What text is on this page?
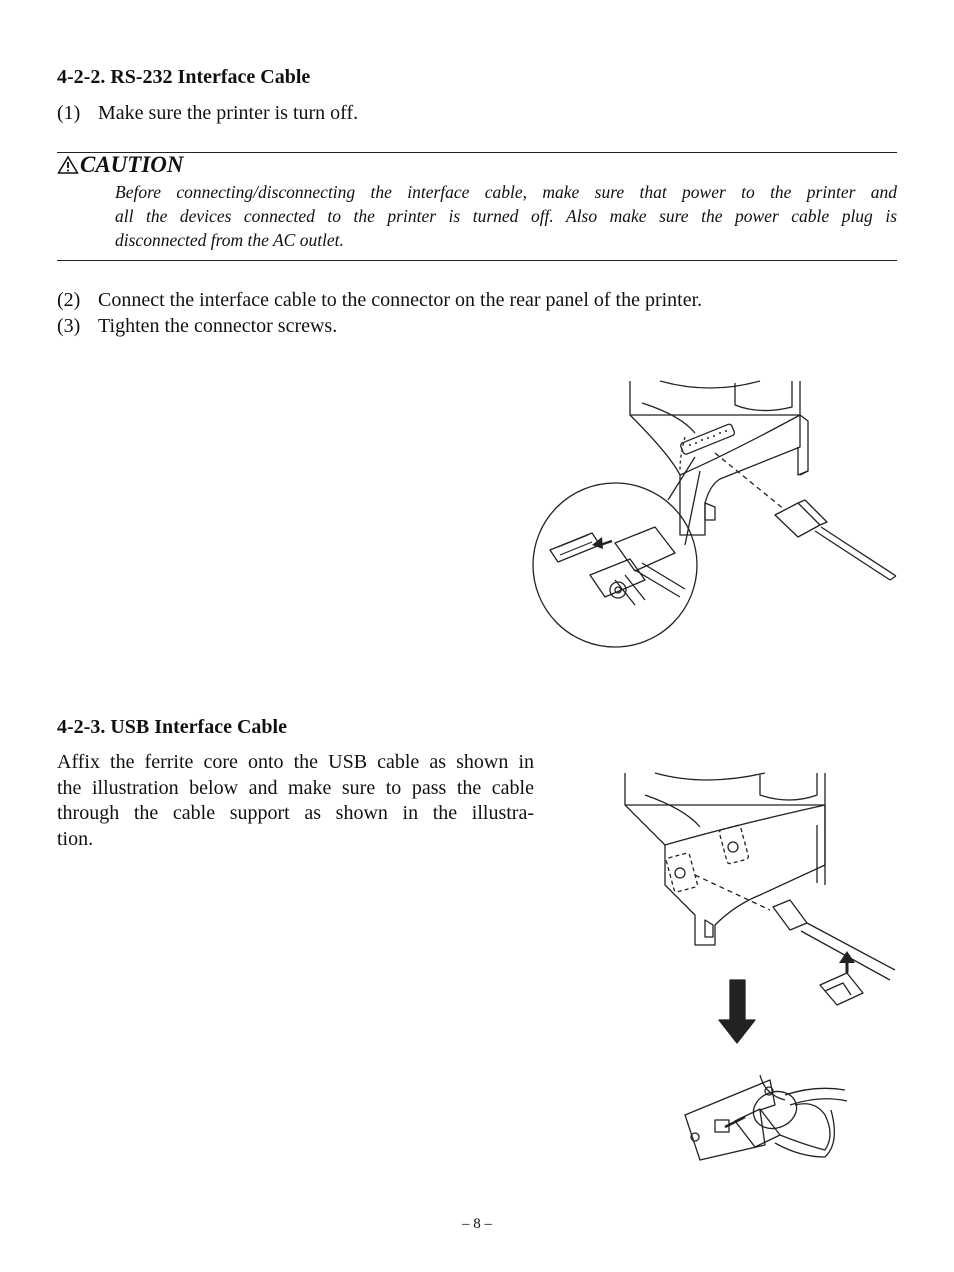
4-2-2. RS-232 Interface Cable
(1) Make sure the printer is turn off.
CAUTION
Before connecting/disconnecting the interface cable, make sure that power to the printer and
all the devices connected to the printer is turned off. Also make sure the power cable plug is
disconnected from the AC outlet.
(2) Connect the interface cable to the connector on the rear panel of the printer.
(3) Tighten the connector screws.
4-2-3. USB Interface Cable
Affix the ferrite core onto the USB cable as shown in
the illustration below and make sure to pass the cable
through the cable support as shown in the illustra-
tion.
– 8 –
